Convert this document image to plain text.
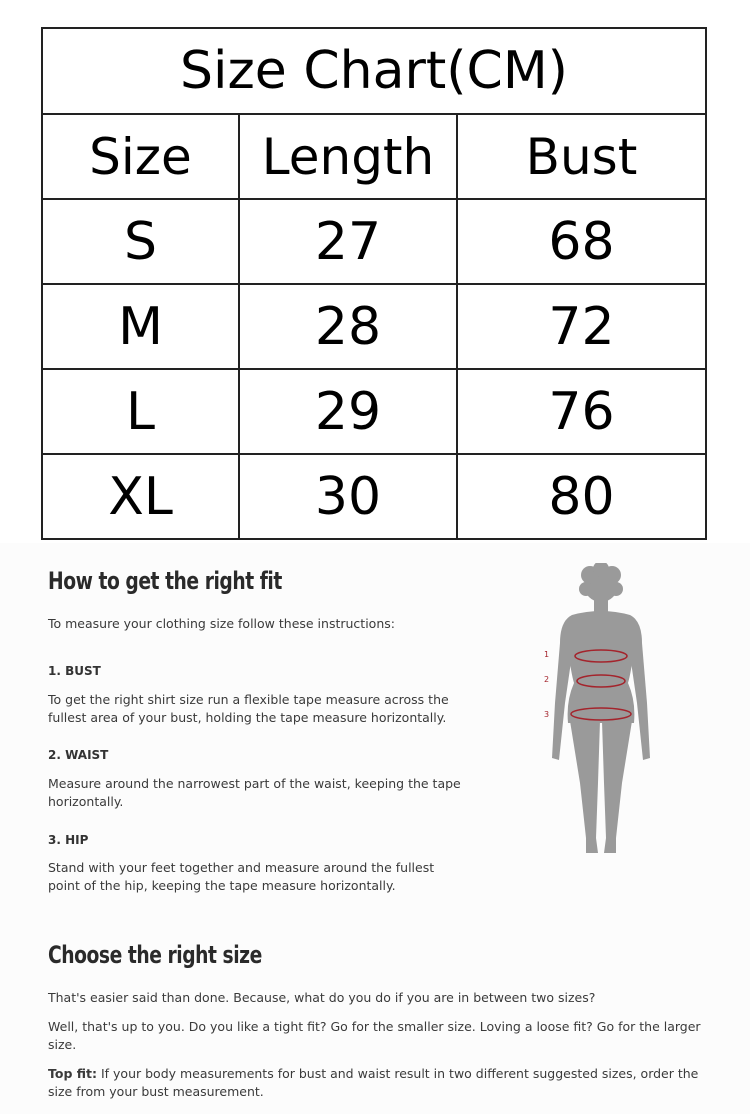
Size Chart(CM)		
Size	Length	Bust
S	27	68
M	28	72
L	29	76
XL	30	80
How to get the right fit

To measure your clothing size follow these instructions:

1. BUST

To get the right shirt size run a flexible tape measure across the fullest area of your bust, holding the tape measure horizontally.

2. WAIST

Measure around the narrowest part of the waist, keeping the tape horizontally.

3. HIP

Stand with your feet together and measure around the fullest point of the hip, keeping the tape measure horizontally.

1
2
3
Choose the right size

That's easier said than done. Because, what do you do if you are in between two sizes?

Well, that's up to you. Do you like a tight fit? Go for the smaller size. Loving a loose fit? Go for the larger size.

Top fit: If your body measurements for bust and waist result in two different suggested sizes, order the size from your bust measurement.
